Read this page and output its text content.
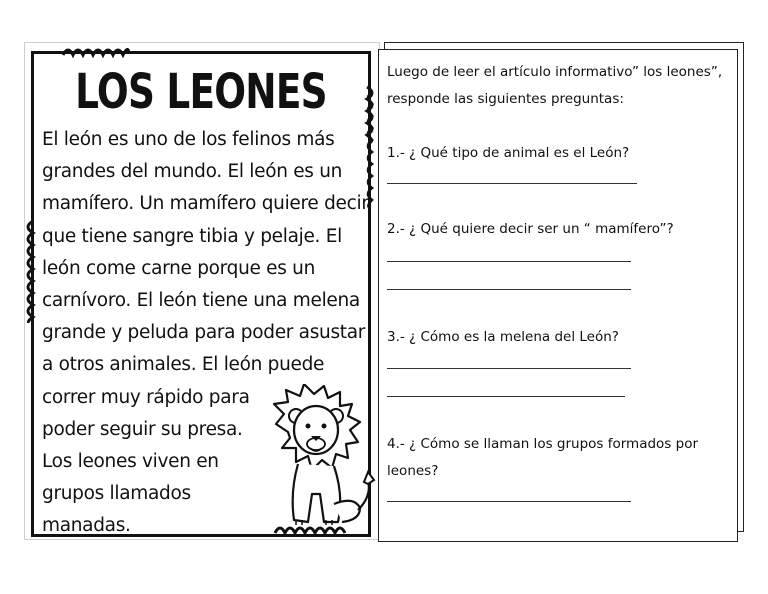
LOS LEONES
El león es uno de los felinos más
grandes del mundo. El león es un
mamífero. Un mamífero quiere decir
que tiene sangre tibia y pelaje. El
león come carne porque es un
carnívoro. El león tiene una melena
grande y peluda para poder asustar
a otros animales. El león puede
correr muy rápido para
poder seguir su presa.
Los leones viven en
grupos llamados
manadas.
Luego de leer el artículo informativo” los leones”, responde las siguientes preguntas:
1.- ¿ Qué tipo de animal es el León?
2.- ¿ Qué quiere decir ser un “ mamífero”?
3.- ¿ Cómo es la melena del León?
4.- ¿ Cómo se llaman los grupos formados por leones?
